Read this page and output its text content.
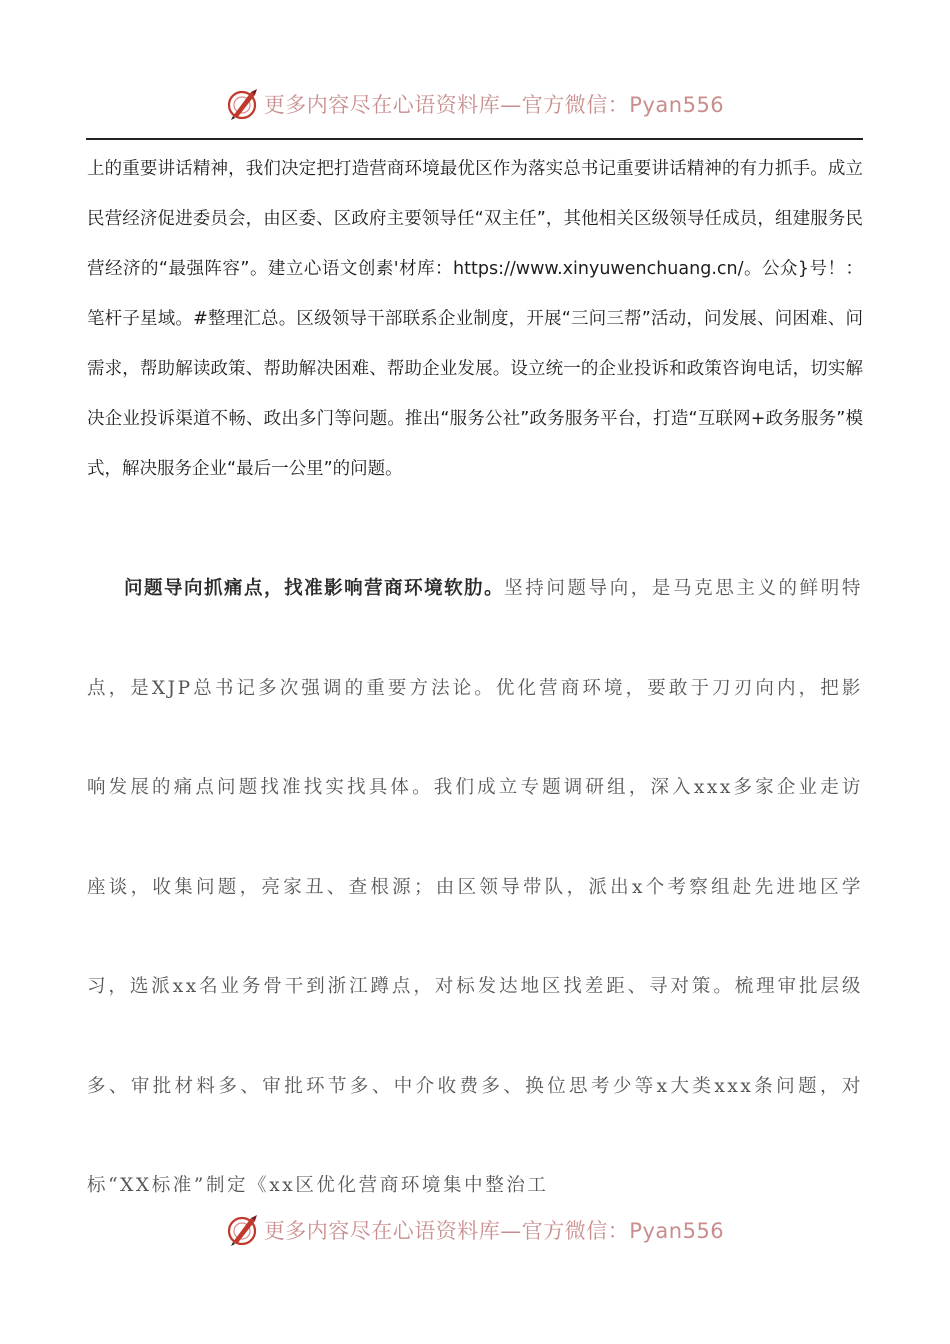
更多内容尽在心语资料库—官方微信：Pyan556

上的重要讲话精神，我们决定把打造营商环境最优区作为落实总书记重要讲话精神的有力抓手。成立民营经济促进委员会，由区委、区政府主要领导任“双主任”，其他相关区级领导任成员，组建服务民营经济的“最强阵容”。建立心语文创素'材库：https://www.xinyuwenchuang.cn/。公众}号！：笔杆子星域。#整理汇总。区级领导干部联系企业制度，开展“三问三帮”活动，问发展、问困难、问需求，帮助解读政策、帮助解决困难、帮助企业发展。设立统一的企业投诉和政策咨询电话，切实解决企业投诉渠道不畅、政出多门等问题。推出“服务公社”政务服务平台，打造“互联网+政务服务”模式，解决服务企业“最后一公里”的问题。

问题导向抓痛点，找准影响营商环境软肋。坚持问题导向，是马克思主义的鲜明特点，是XJP总书记多次强调的重要方法论。优化营商环境，要敢于刀刃向内，把影响发展的痛点问题找准找实找具体。我们成立专题调研组，深入xxx多家企业走访座谈，收集问题，亮家丑、查根源；由区领导带队，派出x个考察组赴先进地区学习，选派xx名业务骨干到浙江蹲点，对标发达地区找差距、寻对策。梳理审批层级多、审批材料多、审批环节多、中介收费多、换位思考少等x大类xxx条问题，对标“XX标准”制定《xx区优化营商环境集中整治工

更多内容尽在心语资料库—官方微信：Pyan556
